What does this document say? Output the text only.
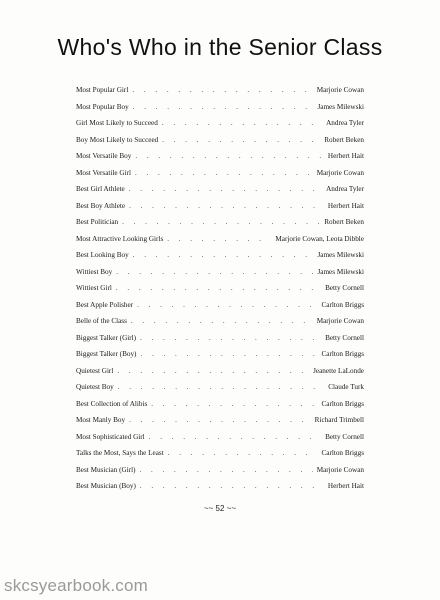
Who's Who in the Senior Class
Most Popular Girl . . .	Marjorie Cowan
Most Popular Boy . . .	James Milewski
Girl Most Likely to Succeed . . .	Andrea Tyler
Boy Most Likely to Succeed . . .	Robert Beken
Most Versatile Boy . . .	Herbert Hait
Most Versatile Girl . . .	Marjorie Cowan
Best Girl Athlete . . .	Andrea Tyler
Best Boy Athlete . . .	Herbert Hait
Best Politician . . .	Robert Beken
Most Attractive Looking Girls . . .	Marjorie Cowan, Leota Dibble
Best Looking Boy . . .	James Milewski
Wittiest Boy . . .	James Milewski
Wittiest Girl . . .	Betty Cornell
Best Apple Polisher . . .	Carlton Briggs
Belle of the Class . . .	Marjorie Cowan
Biggest Talker (Girl) . . .	Betty Cornell
Biggest Talker (Boy) . . .	Carlton Briggs
Quietest Girl . . .	Jeanette LaLonde
Quietest Boy . . .	Claude Turk
Best Collection of Alibis . . .	Carlton Briggs
Most Manly Boy . . .	Richard Trimbell
Most Sophisticated Girl . . .	Betty Cornell
Talks the Most, Says the Least . . .	Carlton Briggs
Best Musician (Girl) . . .	Marjorie Cowan
Best Musician (Boy) . . .	Herbert Hait
~~ 52 ~~
skcsyearbook.com
